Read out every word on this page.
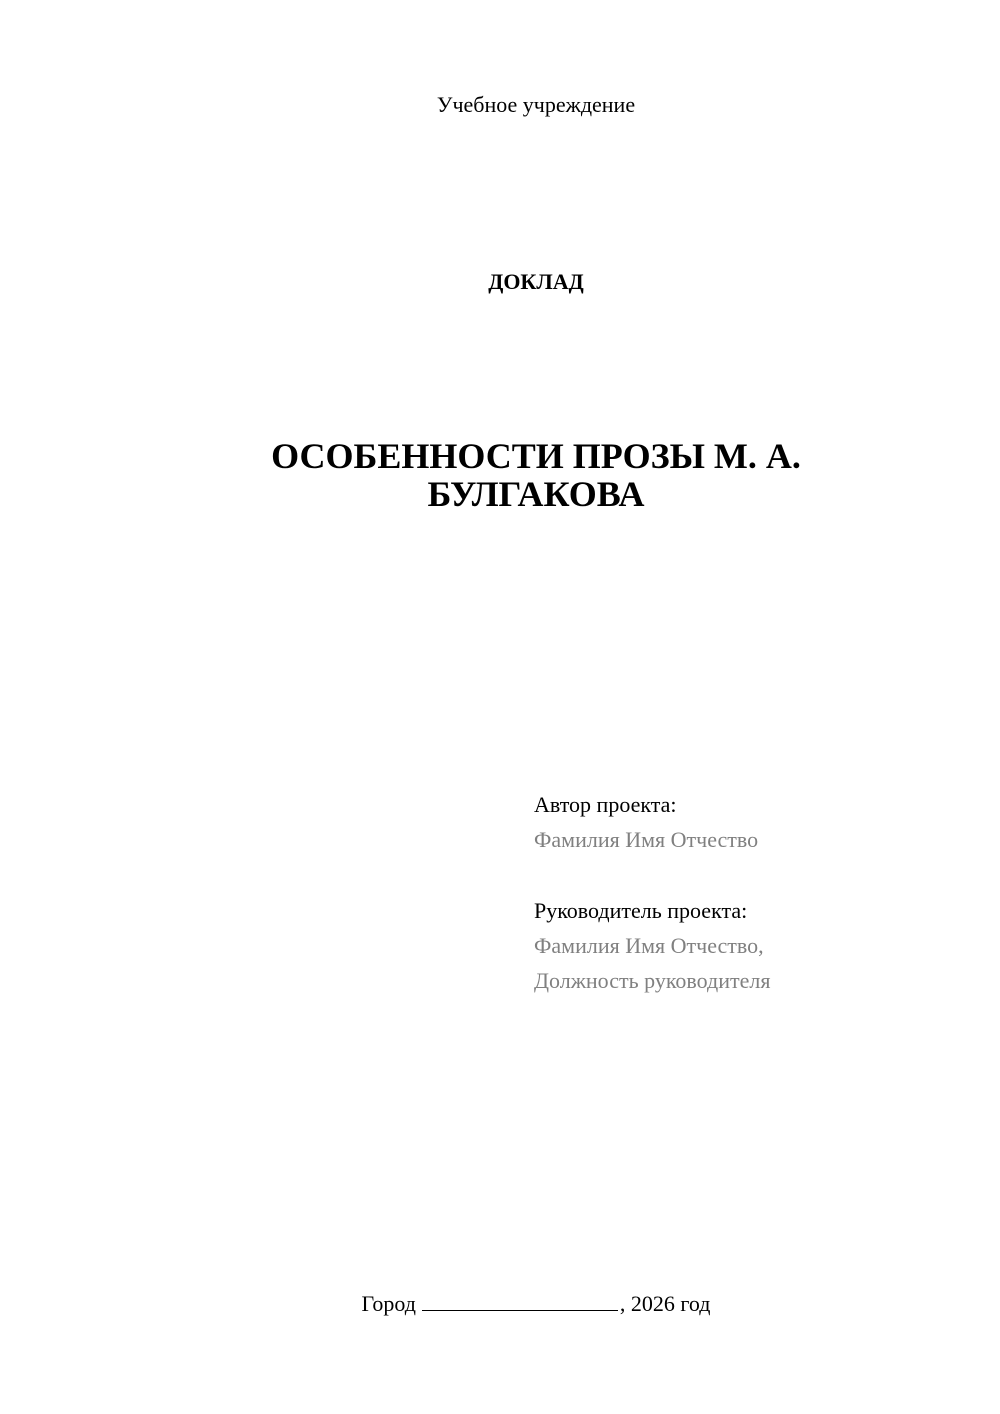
Учебное учреждение

ДОКЛАД

ОСОБЕННОСТИ ПРОЗЫ М. А.
БУЛГАКОВА
Автор проекта:
Фамилия Имя Отчество
Руководитель проекта:
Фамилия Имя Отчество,
Должность руководителя

Город	, 2026 год
